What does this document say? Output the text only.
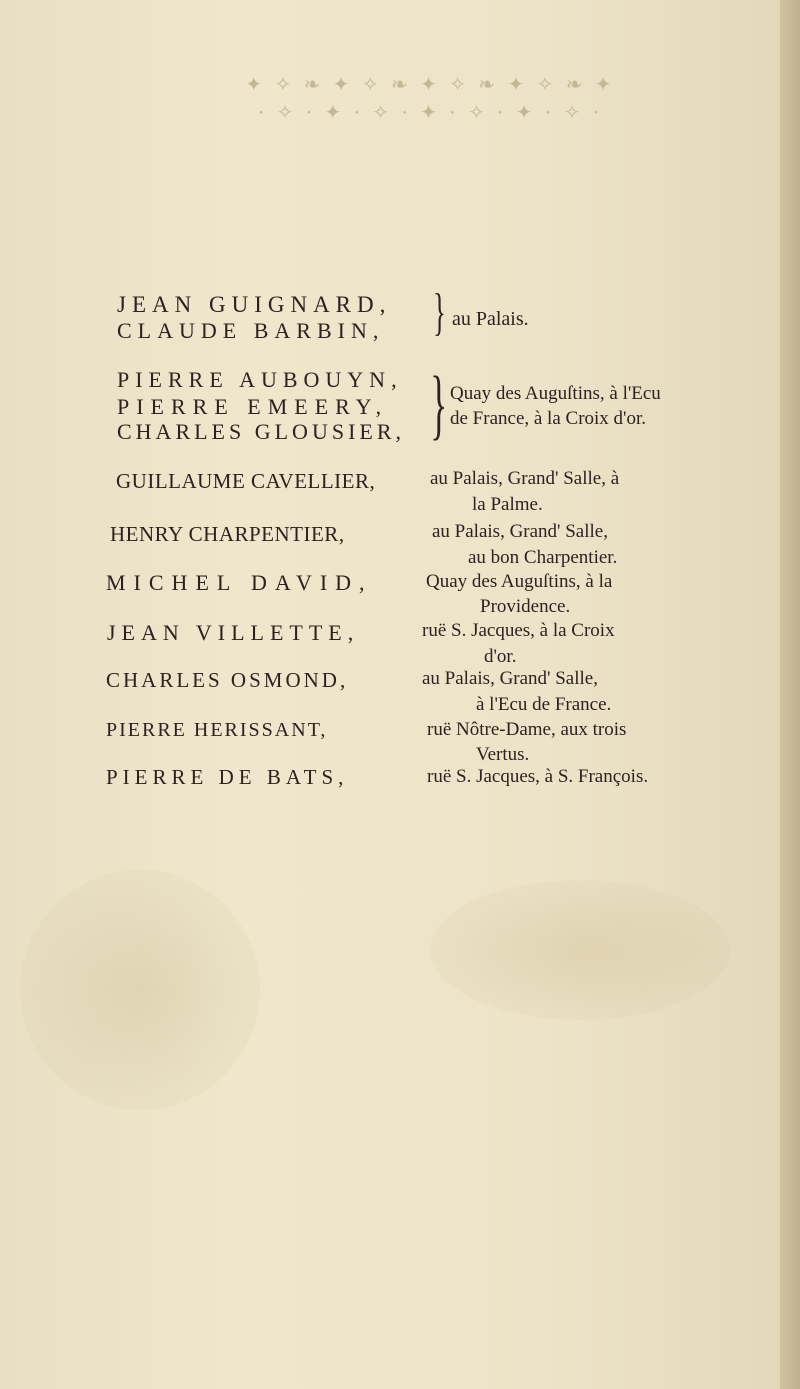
✦ ✧ ❧ ✦ ✧ ❧ ✦ ✧ ❧ ✦ ✧ ❧ ✦
· ✧ · ✦ · ✧ · ✦ · ✧ · ✦ · ✧ ·
JEAN GUIGNARD,
CLAUDE BARBIN, } au Palais.
PIERRE AUBOUYN,
PIERRE EMEERY,
CHARLES GLOUSIER, } Quay des Auguſtins, à l'Ecu
de France, à la Croix d'or.
GUILLAUME CAVELLIER,	au Palais, Grand' Salle, à
la Palme.
HENRY CHARPENTIER,	au Palais, Grand' Salle,
au bon Charpentier.
MICHEL DAVID,	Quay des Auguſtins, à la
Providence.
JEAN VILLETTE,	ruë S. Jacques, à la Croix
d'or.
CHARLES OSMOND,	au Palais, Grand' Salle,
à l'Ecu de France.
PIERRE HERISSANT,	ruë Nôtre-Dame, aux trois
Vertus.
PIERRE DE BATS,	ruë S. Jacques, à S. François.
